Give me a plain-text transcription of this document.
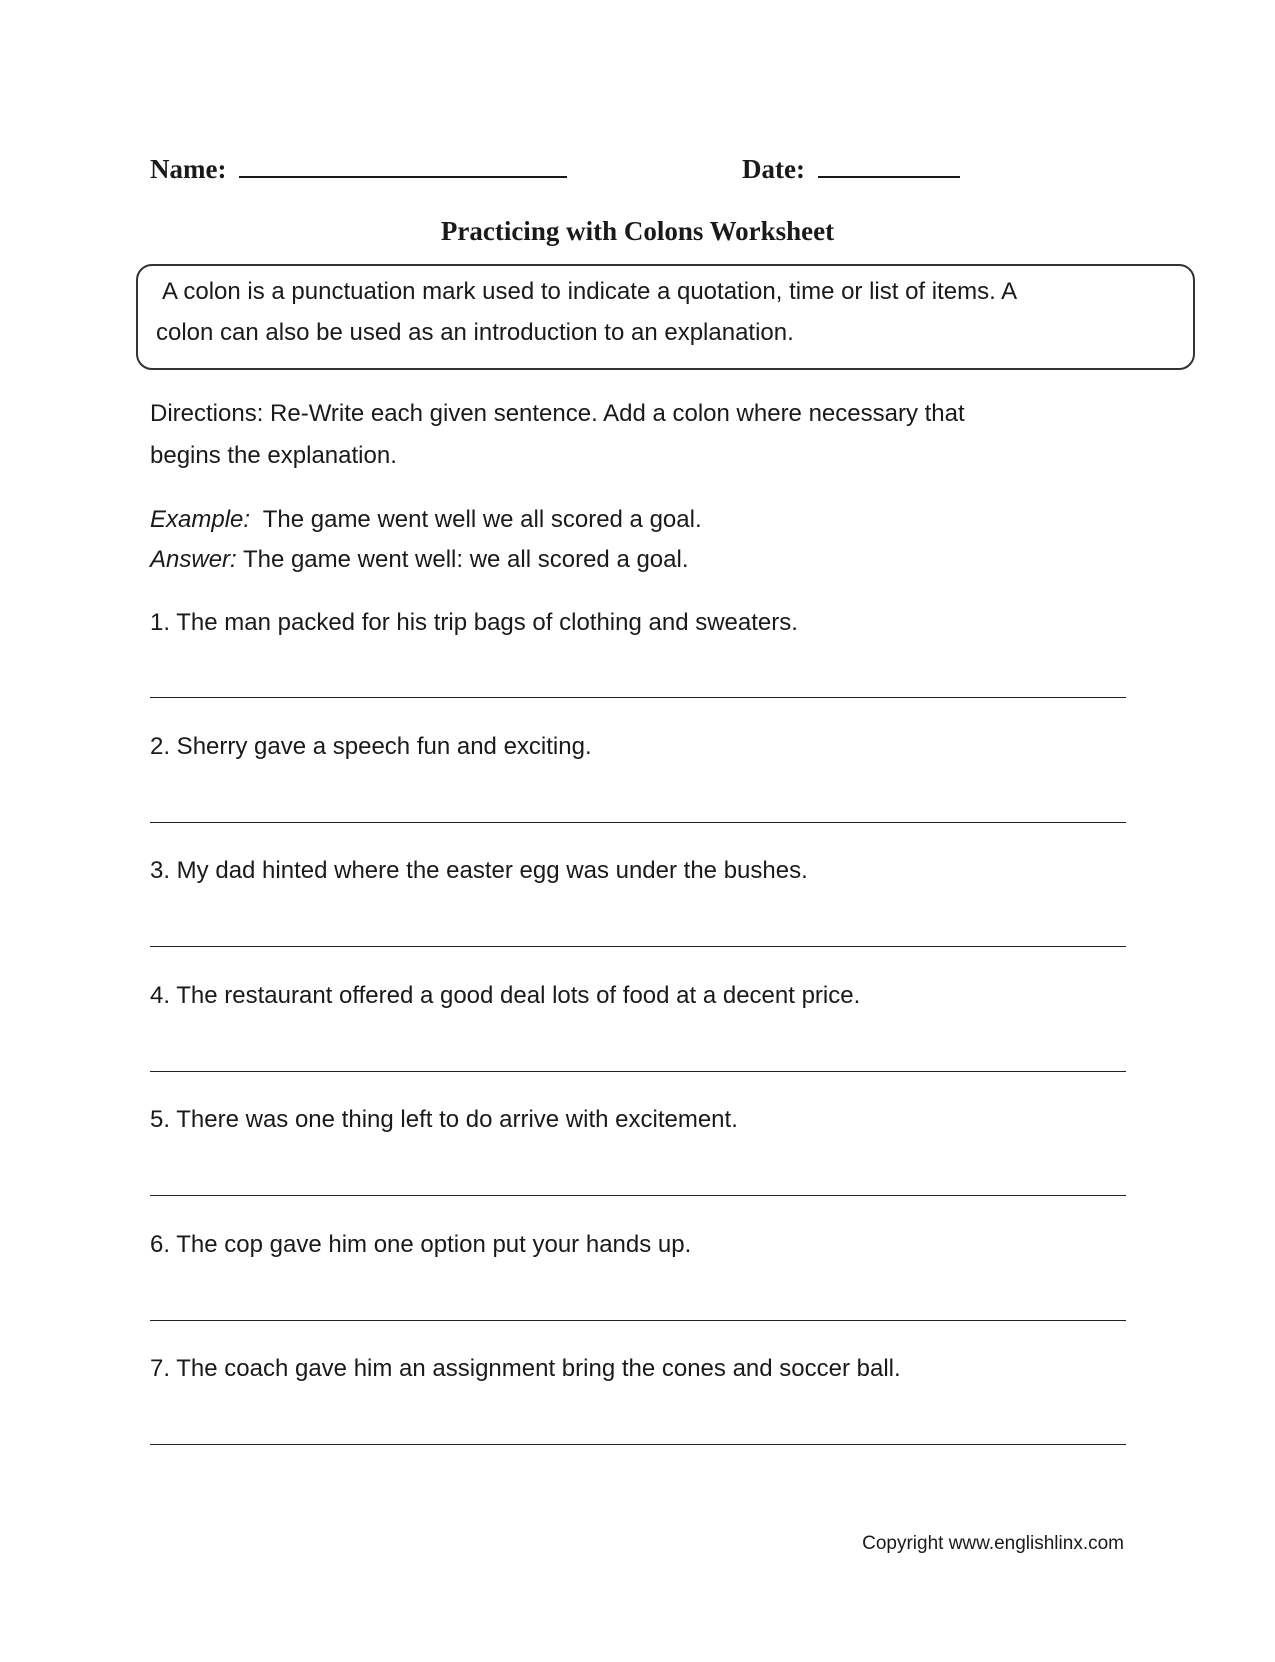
Name:	Date:
Practicing with Colons Worksheet
A colon is a punctuation mark used to indicate a quotation, time or list of items. A
colon can also be used as an introduction to an explanation.
Directions: Re-Write each given sentence. Add a colon where necessary that
begins the explanation.
Example: The game went well we all scored a goal.
Answer: The game went well: we all scored a goal.
1. The man packed for his trip bags of clothing and sweaters.
2. Sherry gave a speech fun and exciting.
3. My dad hinted where the easter egg was under the bushes.
4. The restaurant offered a good deal lots of food at a decent price.
5. There was one thing left to do arrive with excitement.
6. The cop gave him one option put your hands up.
7. The coach gave him an assignment bring the cones and soccer ball.
Copyright www.englishlinx.com
